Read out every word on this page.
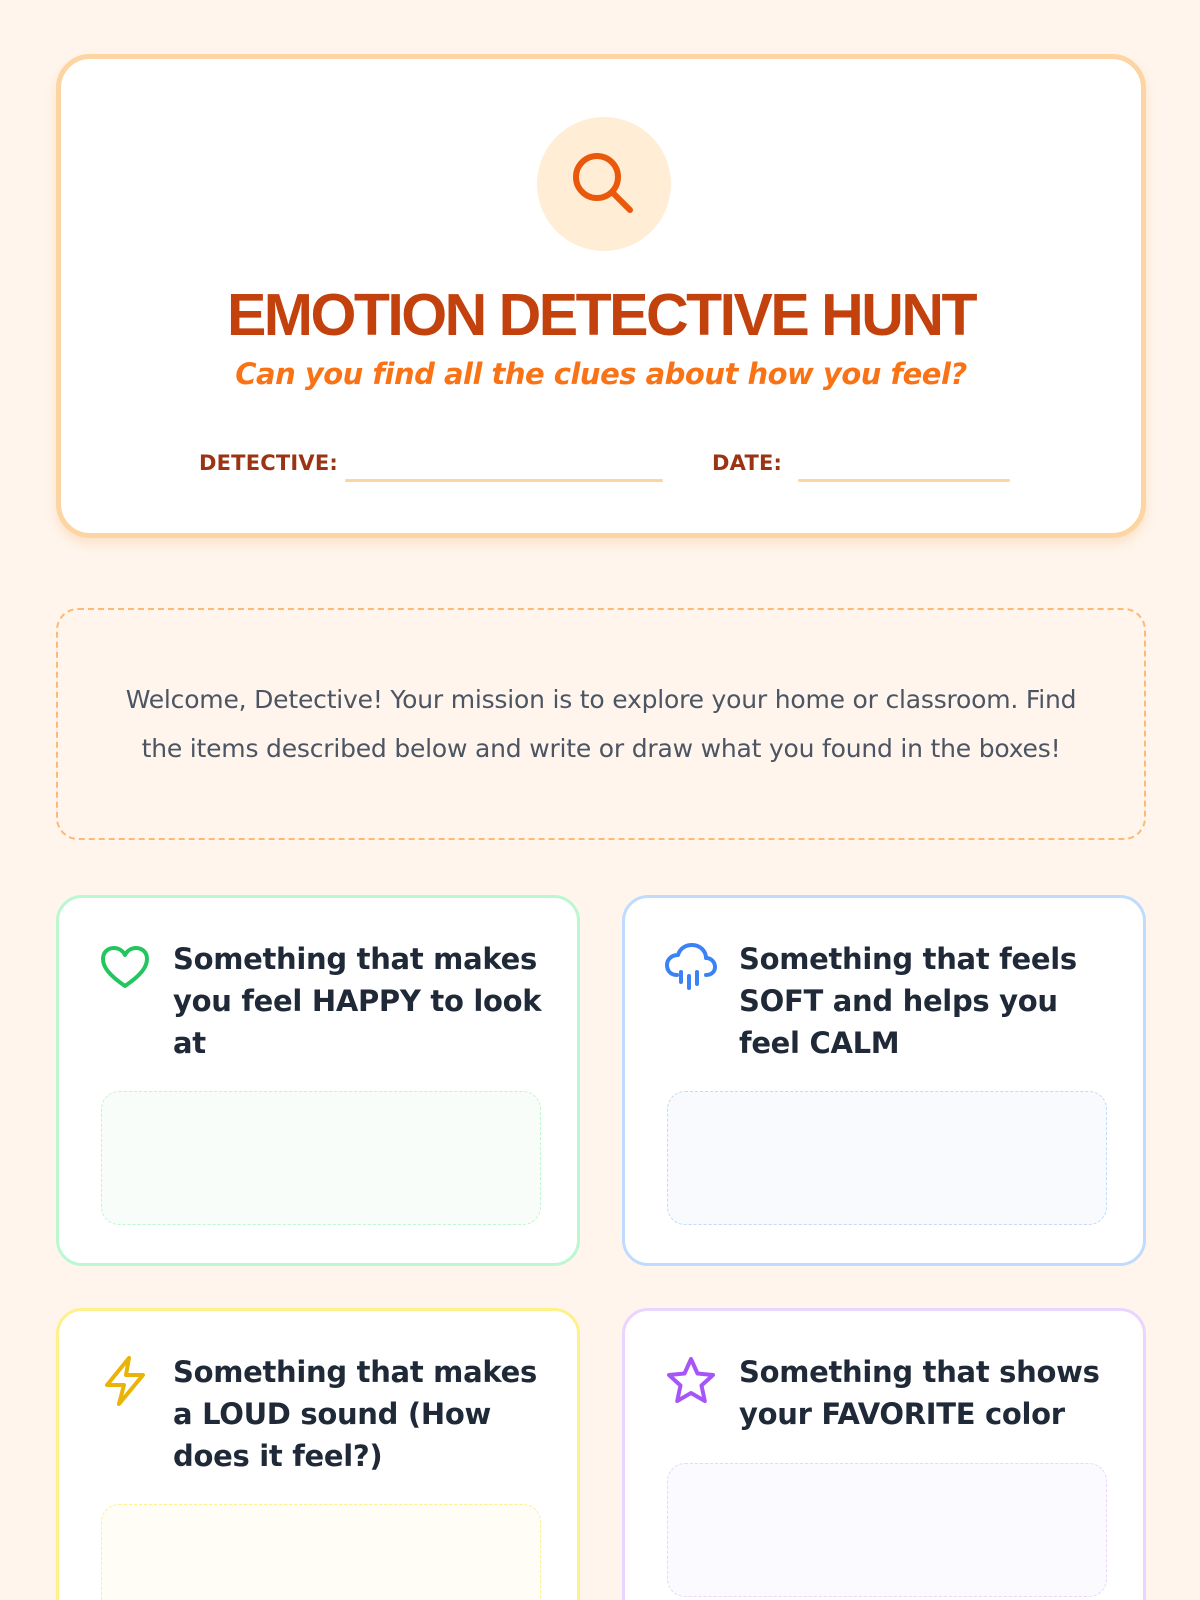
EMOTION DETECTIVE HUNT
Can you find all the clues about how you feel?
DETECTIVE:	DATE:

Welcome, Detective! Your mission is to explore your home or classroom. Find the items described below and write or draw what you found in the boxes!

Something that makes you feel HAPPY to look at
Something that feels SOFT and helps you feel CALM
Something that makes a LOUD sound (How does it feel?)
Something that shows your FAVORITE color
